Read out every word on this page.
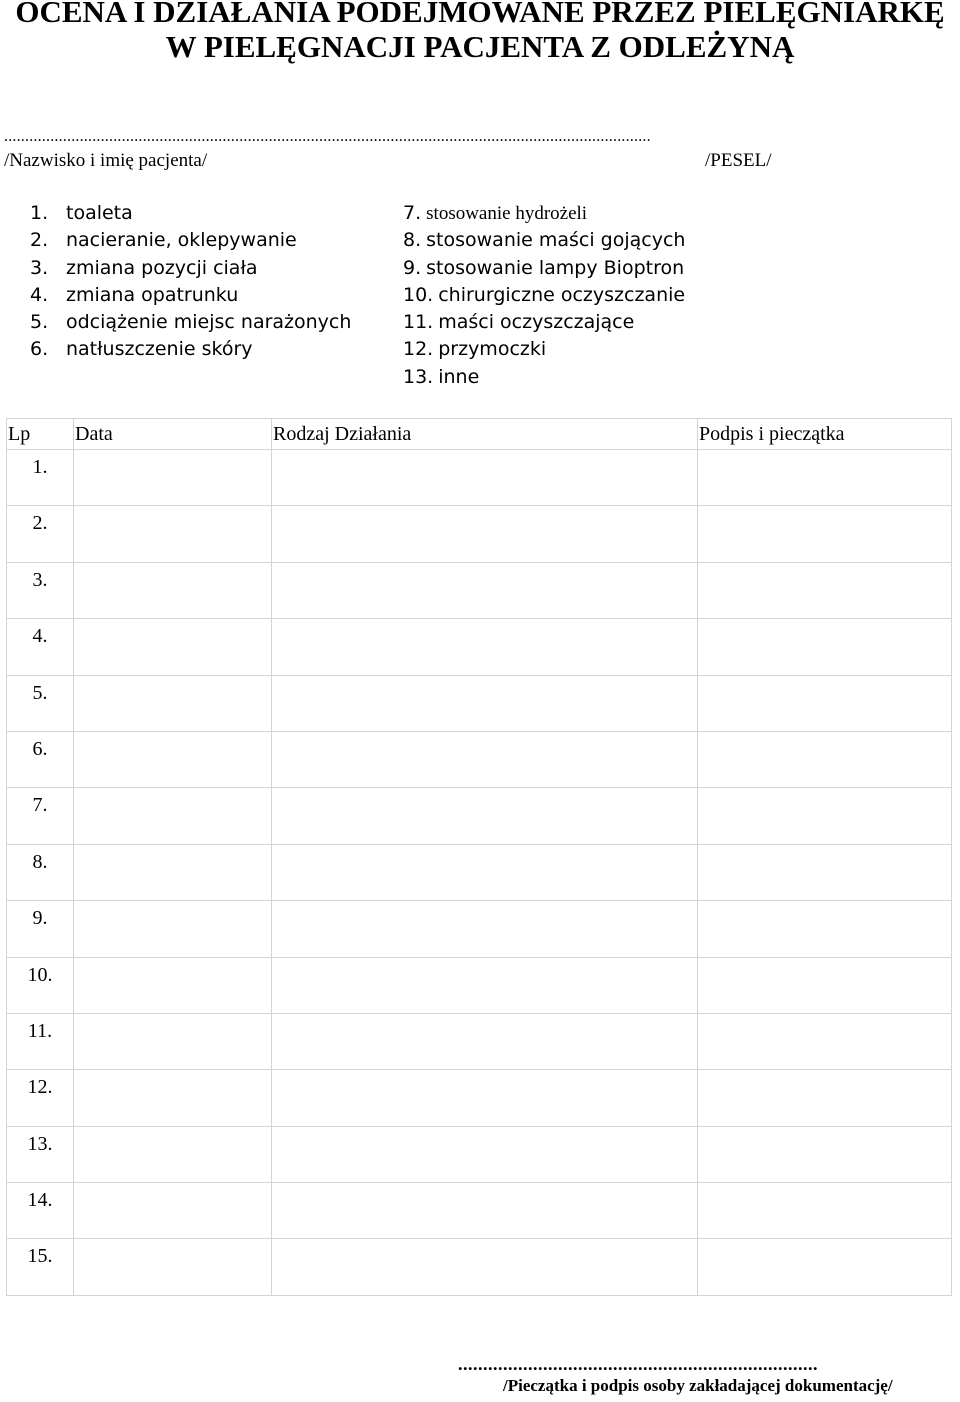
OCENA I DZIAŁANIA PODEJMOWANE PRZEZ PIELĘGNIARKĘ
W PIELĘGNACJI PACJENTA Z ODLEŻYNĄ
..........................................................................................................................................................
/Nazwisko i imię pacjenta/	/PESEL/
1. toaleta
2. nacieranie, oklepywanie
3. zmiana pozycji ciała
4. zmiana opatrunku
5. odciążenie miejsc narażonych
6. natłuszczenie skóry
7. stosowanie hydrożeli
8. stosowanie maści gojących
9. stosowanie lampy Bioptron
10. chirurgiczne oczyszczanie
11. maści oczyszczające
12. przymoczki
13. inne
Lp	Data	Rodzaj Działania	Podpis i pieczątka
1.			
2.			
3.			
4.			
5.			
6.			
7.			
8.			
9.			
10.			
11.			
12.			
13.			
14.			
15.			
........................................................................
/Pieczątka i podpis osoby zakładającej dokumentację/
